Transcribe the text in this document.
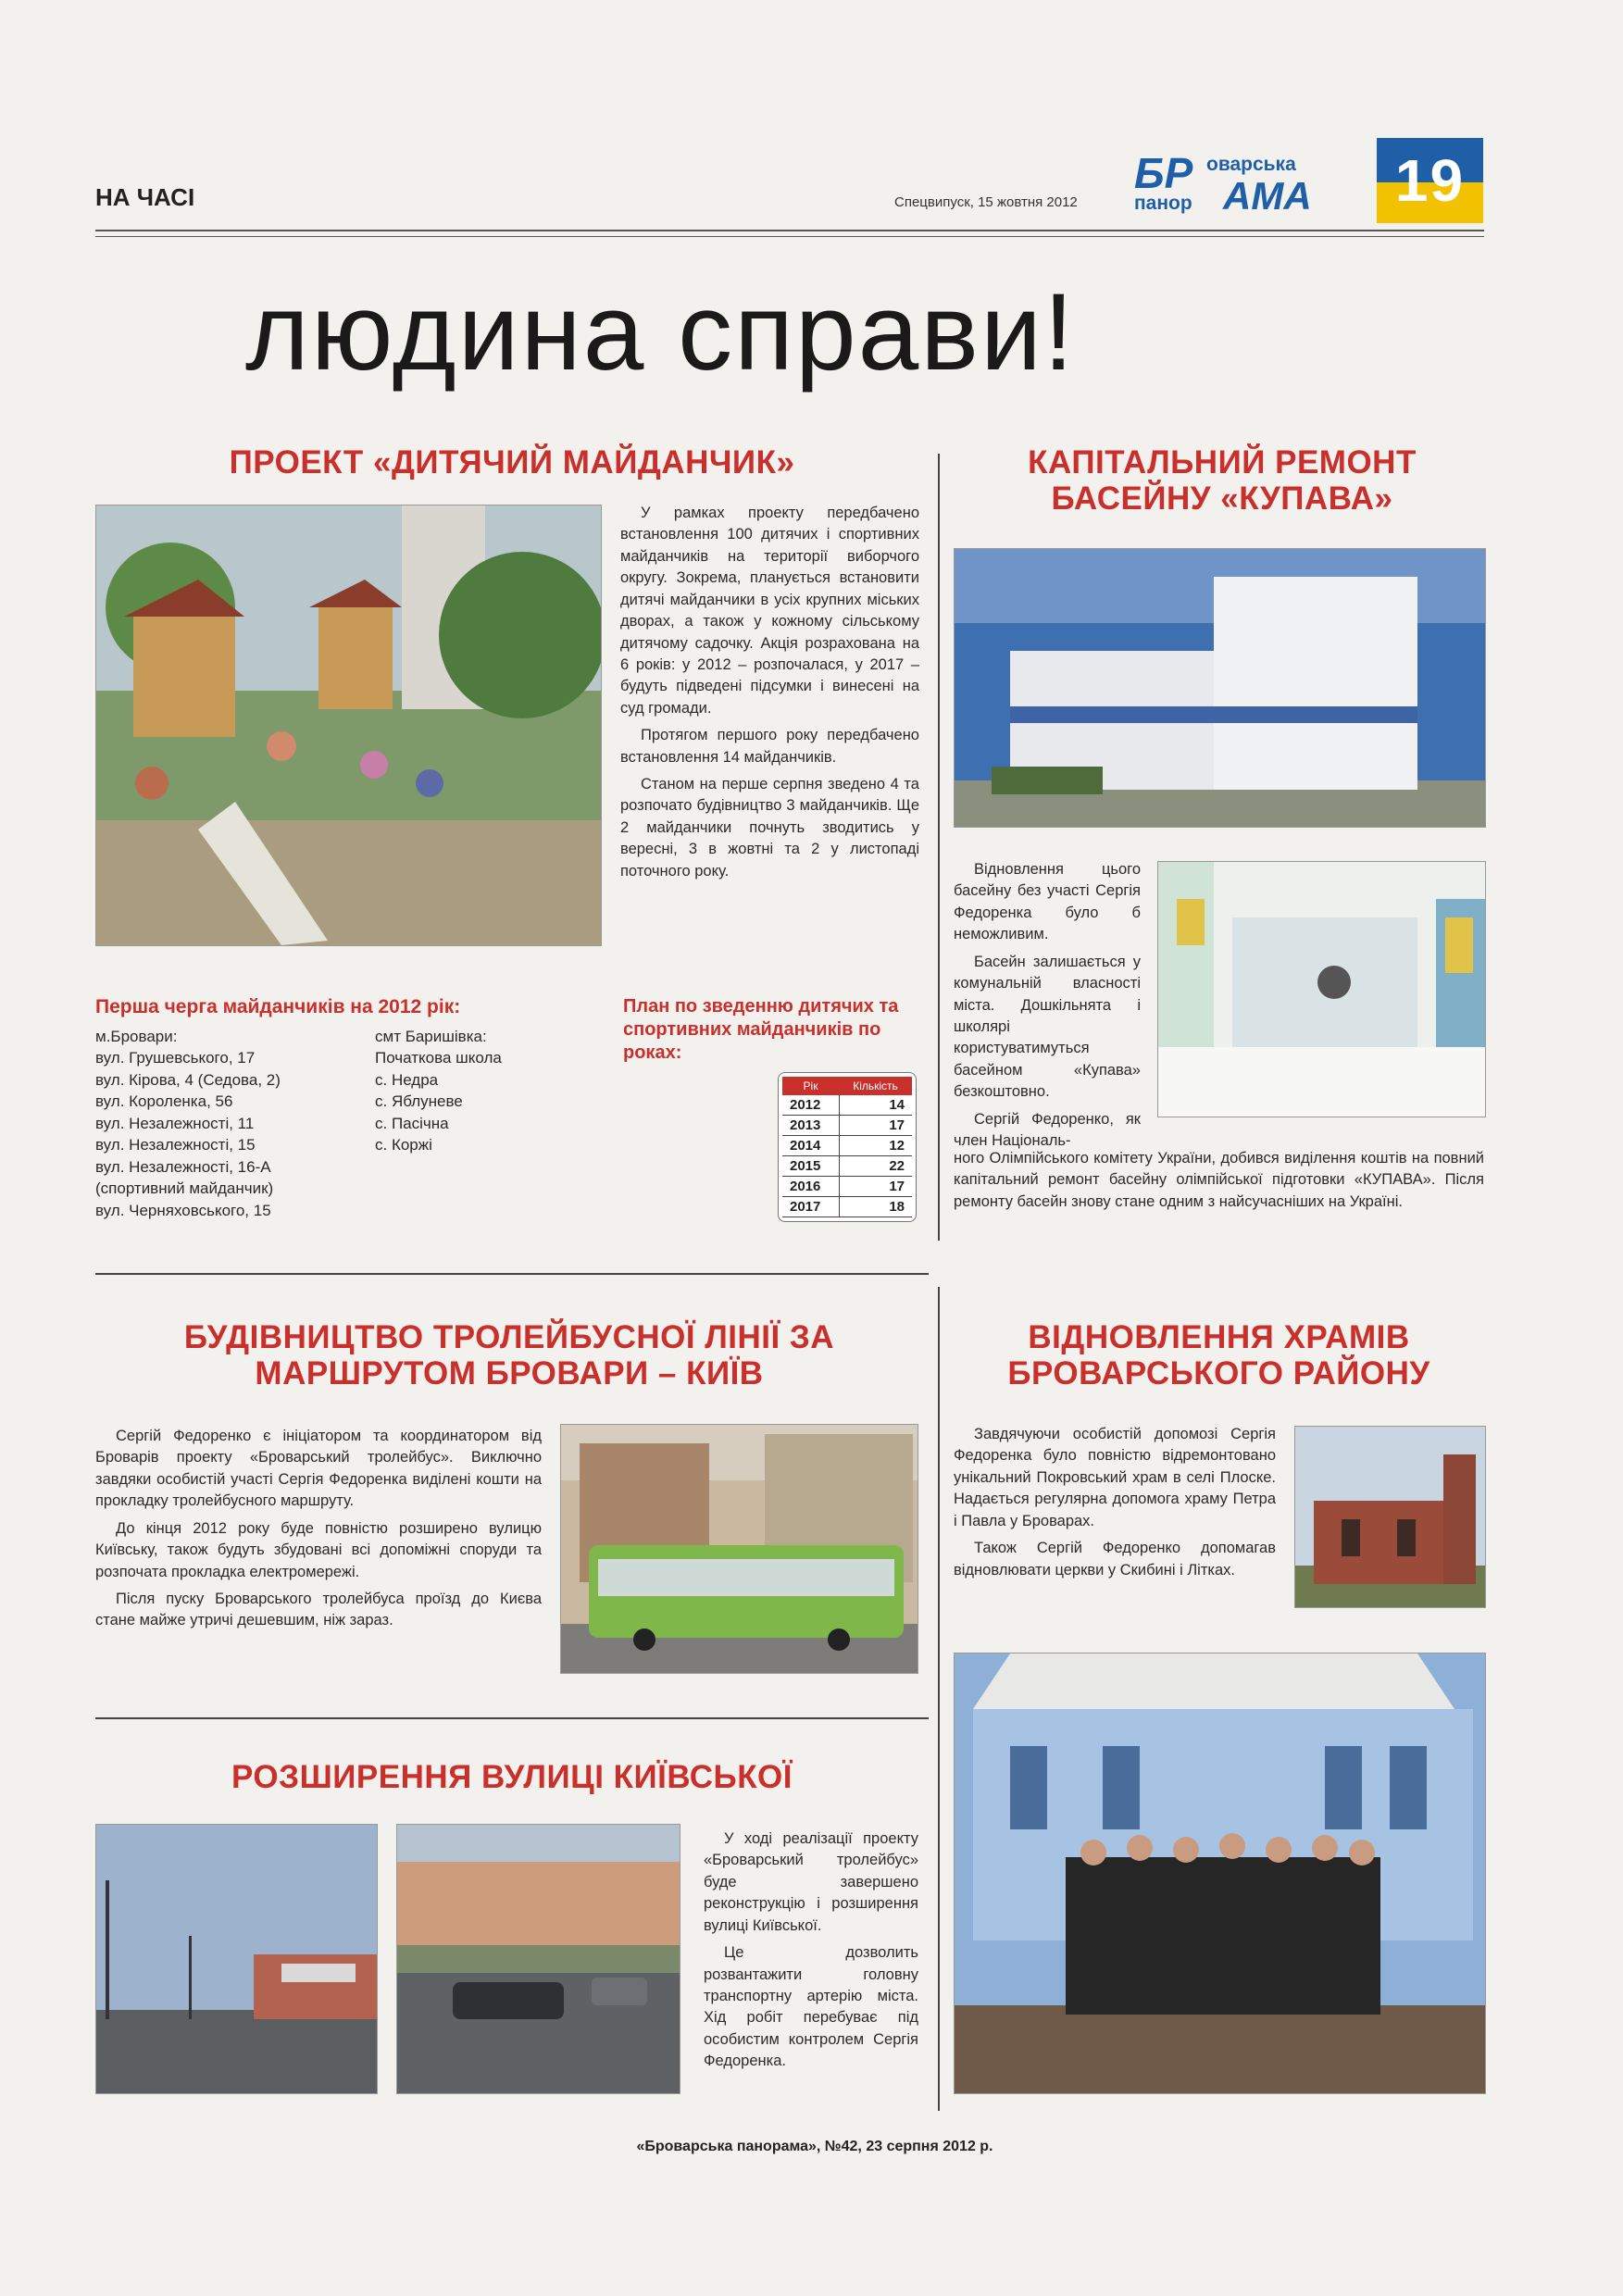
НА ЧАСІ	Спецвипуск, 15 жовтня 2012
БР оварська
панор АМА	19
людина справи!
ПРОЕКТ «ДИТЯЧИЙ МАЙДАНЧИК»

У рамках проекту передбачено встановлення 100 дитячих і спортивних майданчиків на території виборчого округу. Зокрема, планується встановити дитячі майданчики в усіх крупних міських дворах, а також у кожному сільському дитячому садочку. Акція розрахована на 6 років: у 2012 – розпочалася, у 2017 – будуть підведені підсумки і винесені на суд громади.

Протягом першого року передбачено встановлення 14 майданчиків.

Станом на перше серпня зведено 4 та розпочато будівництво 3 майданчиків. Ще 2 майданчики почнуть зводитись у вересні, 3 в жовтні та 2 у листопаді поточного року.

Перша черга майданчиків на 2012 рік:
м.Бровари:
вул. Грушевського, 17
вул. Кірова, 4 (Седова, 2)
вул. Короленка, 56
вул. Незалежності, 11
вул. Незалежності, 15
вул. Незалежності, 16-А
(спортивний майданчик)
вул. Черняховського, 15
смт Баришівка:
Початкова школа
с. Недра
с. Яблуневе
с. Пасічна
с. Коржі
План по зведенню дитячих та спортивних майданчиків по роках:
Рік	Кількість
2012	14
2013	17
2014	12
2015	22
2016	17
2017	18
КАПІТАЛЬНИЙ РЕМОНТ БАСЕЙНУ «КУПАВА»

Відновлення цього басейну без участі Сергія Федоренка було б неможливим.

Басейн залишається у комунальній власності міста. Дошкільнята і школярі користуватимуться басейном «Купава» безкоштовно.

Сергій Федоренко, як член Національ-

ного Олімпійського комітету України, добився виділення коштів на повний капітальний ремонт басейну олімпійської підготовки «КУПАВА». Після ремонту басейн знову стане одним з найсучасніших на Україні.
БУДІВНИЦТВО ТРОЛЕЙБУСНОЇ ЛІНІЇ ЗА МАРШРУТОМ БРОВАРИ – КИЇВ

Сергій Федоренко є ініціатором та координатором від Броварів проекту «Броварський тролейбус». Виключно завдяки особистій участі Сергія Федоренка виділені кошти на прокладку тролейбусного маршруту.

До кінця 2012 року буде повністю розширено вулицю Київську, також будуть збудовані всі допоміжні споруди та розпочата прокладка електромережі.

Після пуску Броварського тролейбуса проїзд до Києва стане майже утричі дешевшим, ніж зараз.

РОЗШИРЕННЯ ВУЛИЦІ КИЇВСЬКОЇ

У ході реалізації проекту «Броварський тролейбус» буде завершено реконструкцію і розширення вулиці Київської.

Це дозволить розвантажити головну транспортну артерію міста. Хід робіт перебуває під особистим контролем Сергія Федоренка.

ВІДНОВЛЕННЯ ХРАМІВ БРОВАРСЬКОГО РАЙОНУ

Завдячуючи особистій допомозі Сергія Федоренка було повністю відремонтовано унікальний Покровський храм в селі Плоске. Надається регулярна допомога храму Петра і Павла у Броварах.

Також Сергій Федоренко допомагав відновлювати церкви у Скибині і Літках.

«Броварська панорама», №42, 23 серпня 2012 р.
